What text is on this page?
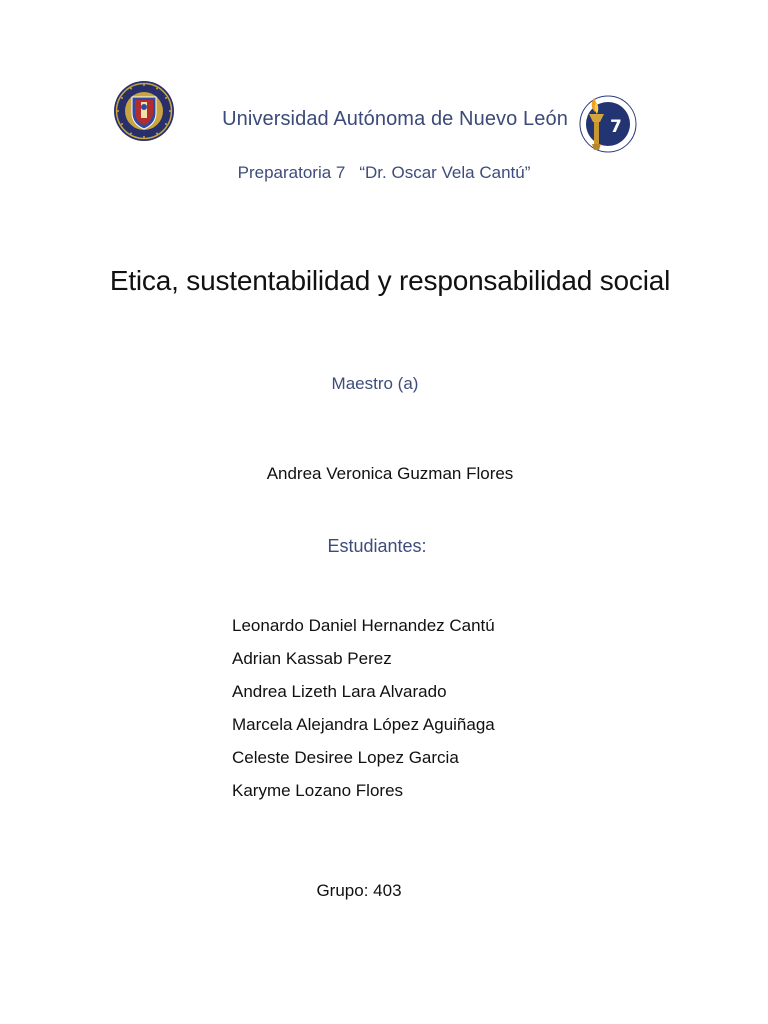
7
Universidad Autónoma de Nuevo León
Preparatoria 7 “Dr. Oscar Vela Cantú”
Etica, sustentabilidad y responsabilidad social
Maestro (a)
Andrea Veronica Guzman Flores
Estudiantes:
Leonardo Daniel Hernandez Cantú
Adrian Kassab Perez
Andrea Lizeth Lara Alvarado
Marcela Alejandra López Aguiñaga
Celeste Desiree Lopez Garcia
Karyme Lozano Flores
Grupo: 403
